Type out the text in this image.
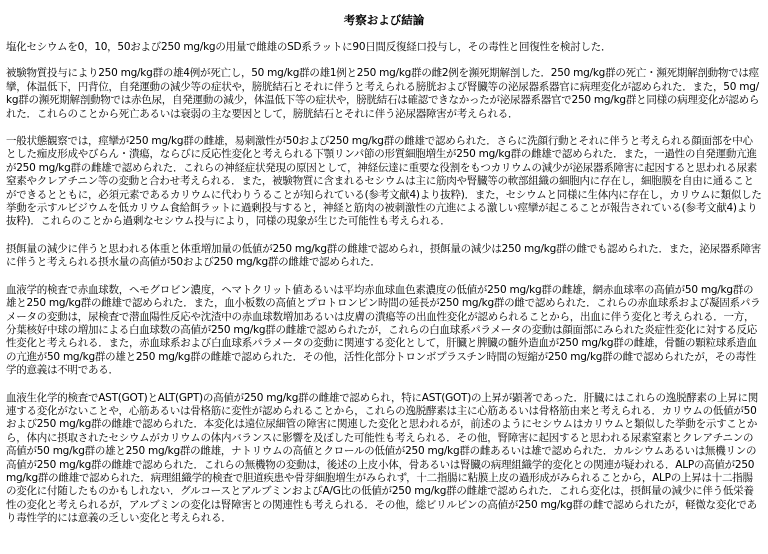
考察および結論

塩化セシウムを0，10，50および250 mg/kgの用量で雌雄のSD系ラットに90日間反復経口投与し，その毒性と回復性を検討した．

被験物質投与により250 mg/kg群の雄4例が死亡し，50 mg/kg群の雄1例と250 mg/kg群の雌2例を瀕死期解剖した．250 mg/kg群の死亡・瀕死期解剖動物では痙攣，体温低下，円背位，自発運動の減少等の症状や，膀胱結石とそれに伴うと考えられる膀胱および腎臓等の泌尿器系器官に病理変化が認められた．また，50 mg/kg群の瀕死期解剖動物では赤色尿，自発運動の減少，体温低下等の症状や，膀胱結石は確認できなかったが泌尿器系器官で250 mg/kg群と同様の病理変化が認められた．これらのことから死亡あるいは衰弱の主な要因として，膀胱結石とそれに伴う泌尿器障害が考えられる．

一般状態観察では，痙攣が250 mg/kg群の雌雄，易刺激性が50および250 mg/kg群の雌雄で認められた．さらに洗顔行動とそれに伴うと考えられる顔面部を中心とした痂皮形成やびらん・潰瘍，ならびに反応性変化と考えられる下顎リンパ節の形質細胞増生が250 mg/kg群の雌雄で認められた．また，一過性の自発運動亢進が250 mg/kg群の雌雄で認められた．これらの神経症状発現の原因として，神経伝達に重要な役割をもつカリウムの減少が泌尿器系障害に起因すると思われる尿素窒素やクレアチニン等の変動と合わせ考えられる．また，被験物質に含まれるセシウムは主に筋肉や腎臓等の軟部組織の細胞内に存在し，細胞膜を自由に通ることができるとともに，必須元素であるカリウムに代わりうることが知られている(参考文献4)より抜粋)．また，セシウムと同様に生体内に存在し，カリウムに類似した挙動を示すルビジウムを低カリウム食給餌ラットに過剰投与すると，神経と筋肉の被刺激性の亢進による激しい痙攣が起こることが報告されている(参考文献4)より抜粋)．これらのことから過剰なセシウム投与により，同様の現象が生じた可能性も考えられる．

摂餌量の減少に伴うと思われる体重と体重増加量の低値が250 mg/kg群の雌雄で認められ，摂餌量の減少は250 mg/kg群の雌でも認められた．また，泌尿器系障害に伴うと考えられる摂水量の高値が50および250 mg/kg群の雌雄で認められた．

血液学的検査で赤血球数，ヘモグロビン濃度，ヘマトクリット値あるいは平均赤血球血色素濃度の低値が250 mg/kg群の雌雄，網赤血球率の高値が50 mg/kg群の雄と250 mg/kg群の雌雄で認められた．また，血小板数の高値とプロトロンビン時間の延長が250 mg/kg群の雌で認められた．これらの赤血球系および凝固系パラメータの変動は，尿検査で潜血陽性反応や沈渣中の赤血球数増加あるいは皮膚の潰瘍等の出血性変化が認められることから，出血に伴う変化と考えられる．一方，分葉核好中球の増加による白血球数の高値が250 mg/kg群の雌雄で認められたが，これらの白血球系パラメータの変動は顔面部にみられた炎症性変化に対する反応性変化と考えられる．また，赤血球系および白血球系パラメータの変動に関連する変化として，肝臓と脾臓の髄外造血が250 mg/kg群の雌雄，骨髄の顆粒球系造血の亢進が50 mg/kg群の雄と250 mg/kg群の雌雄で認められた．その他，活性化部分トロンボプラスチン時間の短縮が250 mg/kg群の雌で認められたが，その毒性学的意義は不明である．

血液生化学的検査でAST(GOT)とALT(GPT)の高値が250 mg/kg群の雌雄で認められ，特にAST(GOT)の上昇が顕著であった．肝臓にはこれらの逸脱酵素の上昇に関連する変化がないことや，心筋あるいは骨格筋に変性が認められることから，これらの逸脱酵素は主に心筋あるいは骨格筋由来と考えられる．カリウムの低値が50および250 mg/kg群の雌雄で認められた．本変化は遠位尿細管の障害に関連した変化と思われるが，前述のようにセシウムはカリウムと類似した挙動を示すことから，体内に摂取されたセシウムがカリウムの体内バランスに影響を及ぼした可能性も考えられる．その他，腎障害に起因すると思われる尿素窒素とクレアチニンの高値が50 mg/kg群の雄と250 mg/kg群の雌雄，ナトリウムの高値とクロールの低値が250 mg/kg群の雌あるいは雄で認められた．カルシウムあるいは無機リンの高値が250 mg/kg群の雌雄で認められた．これらの無機物の変動は，後述の上皮小体，骨あるいは腎臓の病理組織学的変化との関連が疑われる．ALPの高値が250 mg/kg群の雌雄で認められた．病理組織学的検査で胆道疾患や骨芽細胞増生がみられず，十二指腸に粘膜上皮の過形成がみられることから，ALPの上昇は十二指腸の変化に付随したものかもしれない．グルコースとアルブミンおよびA/G比の低値が250 mg/kg群の雌雄で認められた．これら変化は，摂餌量の減少に伴う低栄養性の変化と考えられるが，アルブミンの変化は腎障害との関連性も考えられる．その他，総ビリルビンの高値が250 mg/kg群の雌で認められたが，軽微な変化であり毒性学的には意義の乏しい変化と考えられる．
